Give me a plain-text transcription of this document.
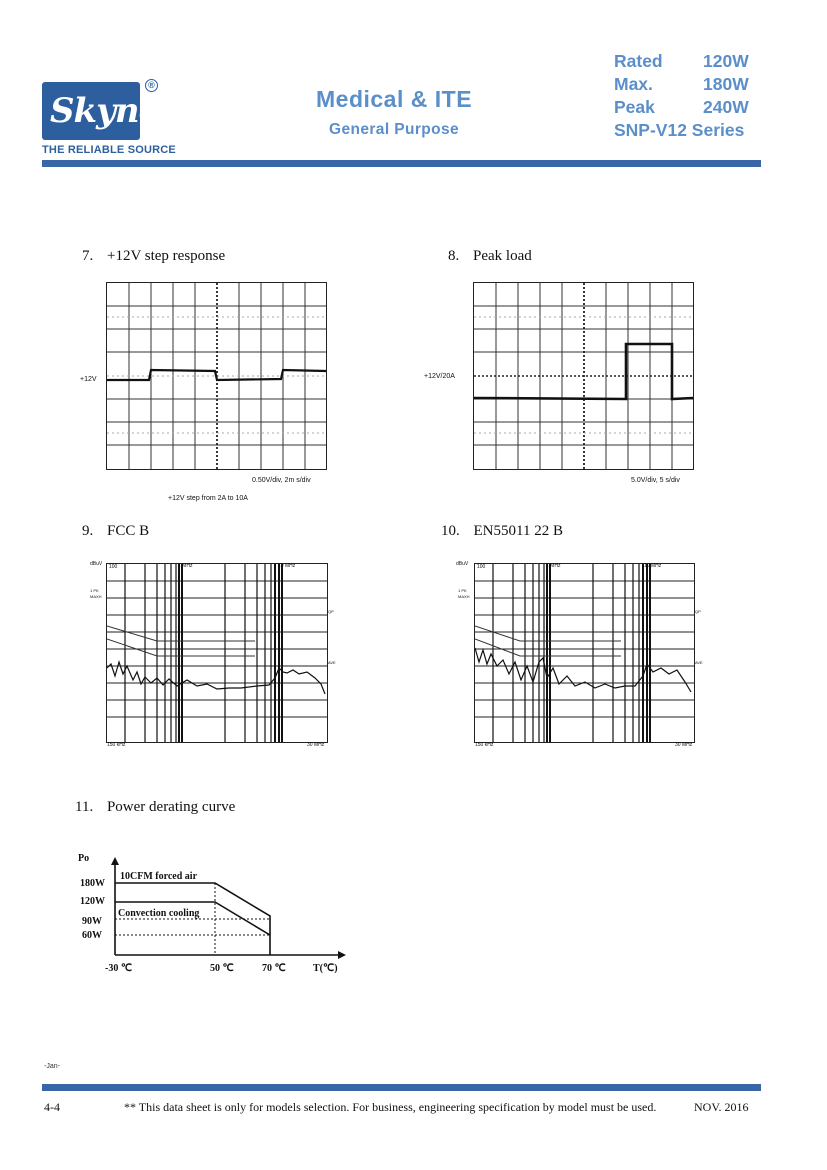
Skynet
®
THE RELIABLE SOURCE
Medical & ITE
General Purpose
Rated 120W
Max.	180W
Peak	240W
SNP-V12 Series
7. +12V step response
+12V
0.50V/div, 2m s/div
+12V step from 2A to 10A
8. Peak load
+12V/20A
5.0V/div, 5 s/div
9. FCC B
dBuV
1 PK
MAXH
100	1 MHz	10 MHz
QP
AVE
150 kHz	30 MHz
10. EN55011 22 B
dBuV
1 PK
MAXH
100	1 MHz	10 MHz
QP
AVE
150 kHz	30 MHz
11. Power derating curve
Po
180W
120W
90W
60W
10CFM forced air
Convection cooling
-30 ℃	50 ℃	70 ℃	T(℃)
-Jan-
4-4	** This data sheet is only for models selection. For business, engineering specification by model must be used.	NOV. 2016
